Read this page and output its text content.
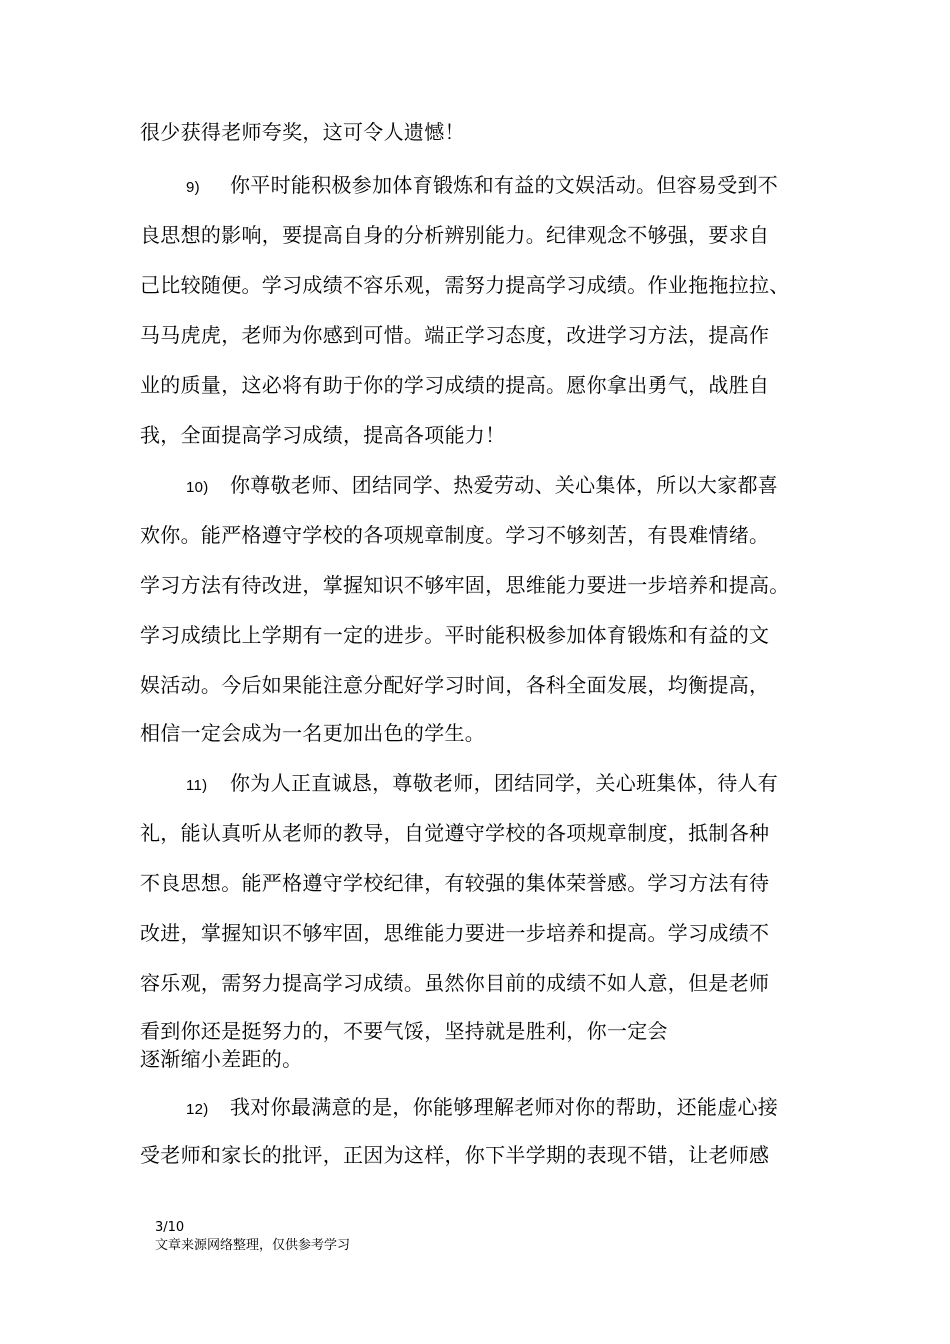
很少获得老师夸奖，这可令人遗憾！
9) 你平时能积极参加体育锻炼和有益的文娱活动。但容易受到不
良思想的影响，要提高自身的分析辨别能力。纪律观念不够强，要求自
己比较随便。学习成绩不容乐观，需努力提高学习成绩。作业拖拖拉拉、
马马虎虎，老师为你感到可惜。端正学习态度，改进学习方法，提高作
业的质量，这必将有助于你的学习成绩的提高。愿你拿出勇气，战胜自
我，全面提高学习成绩，提高各项能力！
10) 你尊敬老师、团结同学、热爱劳动、关心集体，所以大家都喜
欢你。能严格遵守学校的各项规章制度。学习不够刻苦，有畏难情绪。
学习方法有待改进，掌握知识不够牢固，思维能力要进一步培养和提高。
学习成绩比上学期有一定的进步。平时能积极参加体育锻炼和有益的文
娱活动。今后如果能注意分配好学习时间，各科全面发展，均衡提高，
相信一定会成为一名更加出色的学生。
11) 你为人正直诚恳，尊敬老师，团结同学，关心班集体，待人有
礼，能认真听从老师的教导，自觉遵守学校的各项规章制度，抵制各种
不良思想。能严格遵守学校纪律，有较强的集体荣誉感。学习方法有待
改进，掌握知识不够牢固，思维能力要进一步培养和提高。学习成绩不
容乐观，需努力提高学习成绩。虽然你目前的成绩不如人意，但是老师
看到你还是挺努力的，不要气馁，坚持就是胜利，你一定会
逐渐缩小差距的。
12) 我对你最满意的是，你能够理解老师对你的帮助，还能虚心接
受老师和家长的批评，正因为这样，你下半学期的表现不错，让老师感
3/10
文章来源网络整理，仅供参考学习
